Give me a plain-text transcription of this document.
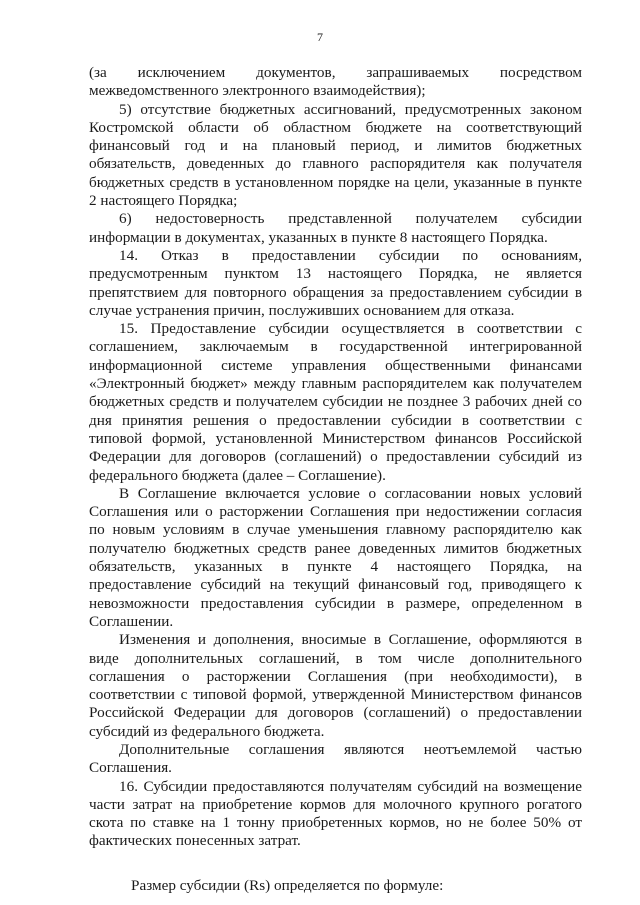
7

(за исключением документов, запрашиваемых посредством межведомственного электронного взаимодействия);

5) отсутствие бюджетных ассигнований, предусмотренных законом Костромской области об областном бюджете на соответствующий финансовый год и на плановый период, и лимитов бюджетных обязательств, доведенных до главного распорядителя как получателя бюджетных средств в установленном порядке на цели, указанные в пункте 2 настоящего Порядка;

6) недостоверность представленной получателем субсидии информации в документах, указанных в пункте 8 настоящего Порядка.

14. Отказ в предоставлении субсидии по основаниям, предусмотренным пунктом 13 настоящего Порядка, не является препятствием для повторного обращения за предоставлением субсидии в случае устранения причин, послуживших основанием для отказа.

15. Предоставление субсидии осуществляется в соответствии с соглашением, заключаемым в государственной интегрированной информационной системе управления общественными финансами «Электронный бюджет» между главным распорядителем как получателем бюджетных средств и получателем субсидии не позднее 3 рабочих дней со дня принятия решения о предоставлении субсидии в соответствии с типовой формой, установленной Министерством финансов Российской Федерации для договоров (соглашений) о предоставлении субсидий из федерального бюджета (далее – Соглашение).

В Соглашение включается условие о согласовании новых условий Соглашения или о расторжении Соглашения при недостижении согласия по новым условиям в случае уменьшения главному распорядителю как получателю бюджетных средств ранее доведенных лимитов бюджетных обязательств, указанных в пункте 4 настоящего Порядка, на предоставление субсидий на текущий финансовый год, приводящего к невозможности предоставления субсидии в размере, определенном в Соглашении.

Изменения и дополнения, вносимые в Соглашение, оформляются в виде дополнительных соглашений, в том числе дополнительного соглашения о расторжении Соглашения (при необходимости), в соответствии с типовой формой, утвержденной Министерством финансов Российской Федерации для договоров (соглашений) о предоставлении субсидий из федерального бюджета.

Дополнительные соглашения являются неотъемлемой частью Соглашения.

16. Субсидии предоставляются получателям субсидий на возмещение части затрат на приобретение кормов для молочного крупного рогатого скота по ставке на 1 тонну приобретенных кормов, но не более 50% от фактических понесенных затрат.

Размер субсидии (Rs) определяется по формуле:
